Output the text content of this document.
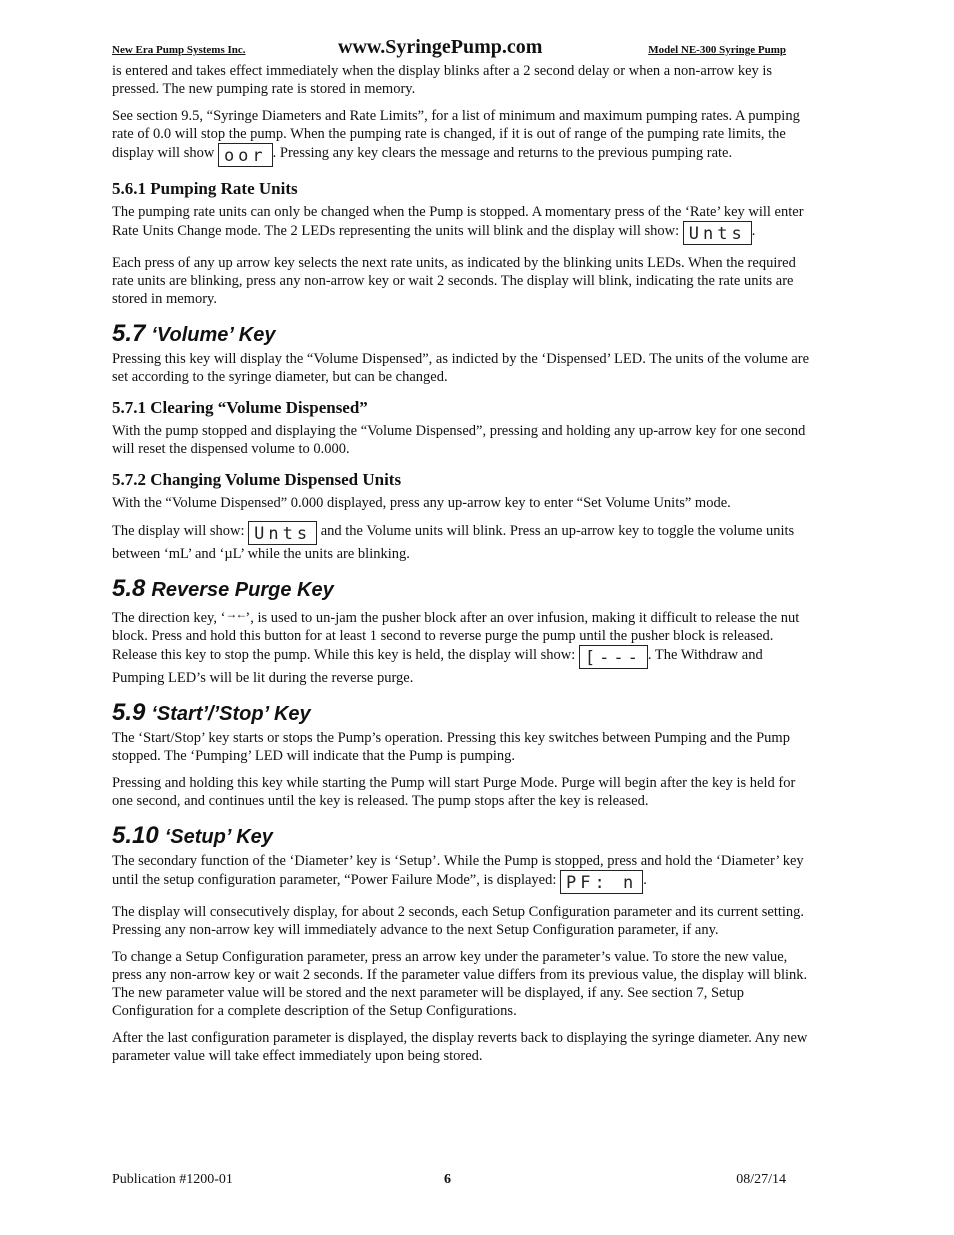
New Era Pump Systems Inc.	www.SyringePump.com	Model NE-300 Syringe Pump

is entered and takes effect immediately when the display blinks after a 2 second delay or when a non-arrow key is pressed. The new pumping rate is stored in memory.

See section 9.5, “Syringe Diameters and Rate Limits”, for a list of minimum and maximum pumping rates. A pumping rate of 0.0 will stop the pump. When the pumping rate is changed, if it is out of range of the pumping rate limits, the display will show oor . Pressing any key clears the message and returns to the previous pumping rate.

5.6.1 Pumping Rate Units

The pumping rate units can only be changed when the Pump is stopped. A momentary press of the ‘Rate’ key will enter Rate Units Change mode. The 2 LEDs representing the units will blink and the display will show: Unts .

Each press of any up arrow key selects the next rate units, as indicated by the blinking units LEDs. When the required rate units are blinking, press any non-arrow key or wait 2 seconds. The display will blink, indicating the rate units are stored in memory.

5.7 ‘Volume’ Key

Pressing this key will display the “Volume Dispensed”, as indicted by the ‘Dispensed’ LED. The units of the volume are set according to the syringe diameter, but can be changed.

5.7.1 Clearing “Volume Dispensed”

With the pump stopped and displaying the “Volume Dispensed”, pressing and holding any up-arrow key for one second will reset the dispensed volume to 0.000.

5.7.2 Changing Volume Dispensed Units

With the “Volume Dispensed” 0.000 displayed, press any up-arrow key to enter “Set Volume Units” mode.

The display will show: Unts and the Volume units will blink. Press an up-arrow key to toggle the volume units between ‘mL’ and ‘µL’ while the units are blinking.

5.8 Reverse Purge Key

The direction key, ‘→←’, is used to un-jam the pusher block after an over infusion, making it difficult to release the nut block. Press and hold this button for at least 1 second to reverse purge the pump until the pusher block is released. Release this key to stop the pump. While this key is held, the display will show: [--- . The Withdraw and Pumping LED’s will be lit during the reverse purge.

5.9 ‘Start’/’Stop’ Key

The ‘Start/Stop’ key starts or stops the Pump’s operation. Pressing this key switches between Pumping and the Pump stopped. The ‘Pumping’ LED will indicate that the Pump is pumping.

Pressing and holding this key while starting the Pump will start Purge Mode. Purge will begin after the key is held for one second, and continues until the key is released. The pump stops after the key is released.

5.10 ‘Setup’ Key

The secondary function of the ‘Diameter’ key is ‘Setup’. While the Pump is stopped, press and hold the ‘Diameter’ key until the setup configuration parameter, “Power Failure Mode”, is displayed: PF: n .

The display will consecutively display, for about 2 seconds, each Setup Configuration parameter and its current setting. Pressing any non-arrow key will immediately advance to the next Setup Configuration parameter, if any.

To change a Setup Configuration parameter, press an arrow key under the parameter’s value. To store the new value, press any non-arrow key or wait 2 seconds. If the parameter value differs from its previous value, the display will blink. The new parameter value will be stored and the next parameter will be displayed, if any. See section 7, Setup Configuration for a complete description of the Setup Configurations.

After the last configuration parameter is displayed, the display reverts back to displaying the syringe diameter. Any new parameter value will take effect immediately upon being stored.

Publication #1200-01	6	08/27/14
